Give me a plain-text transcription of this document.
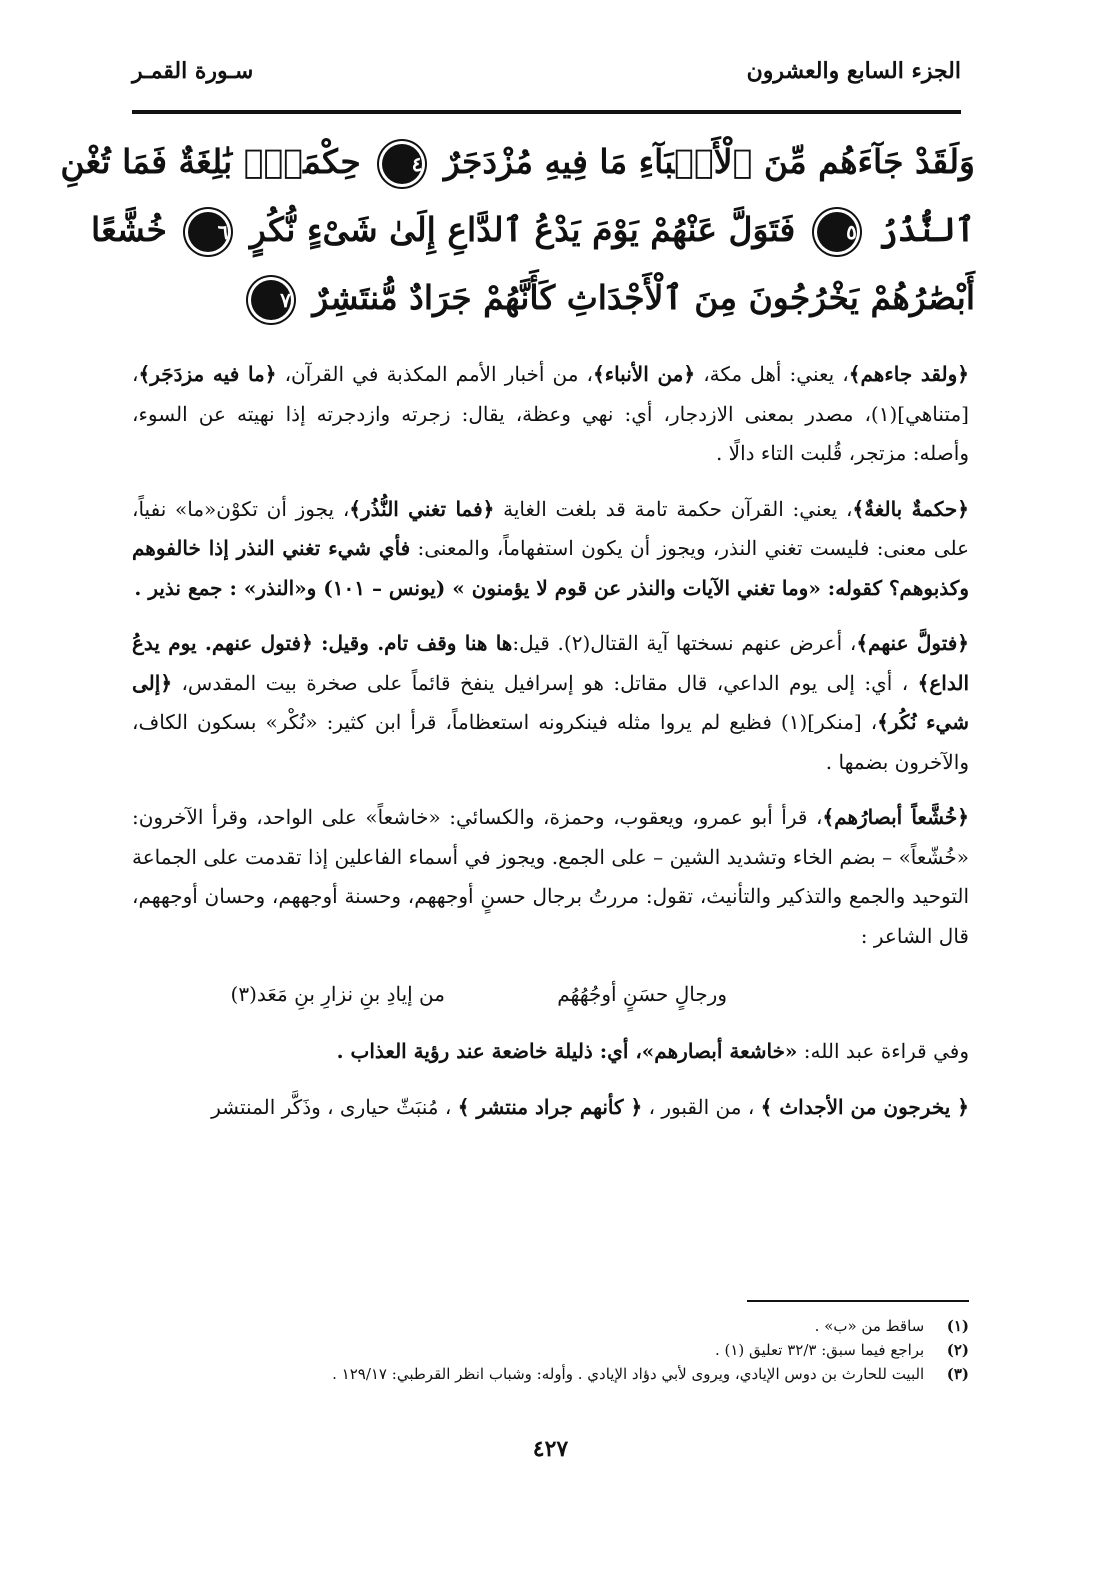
الجزء السابع والعشرون
سـورة القمـر
وَلَقَدْ جَآءَهُم مِّنَ ٱلْأَنۢبَآءِ مَا فِيهِ مُزْدَجَرٌ ٤ حِكْمَةٌۢ بَٰلِغَةٌ فَمَا تُغْنِ
ٱلنُّذُرُ ٥ فَتَوَلَّ عَنْهُمْ يَوْمَ يَدْعُ ٱلدَّاعِ إِلَىٰ شَىْءٍ نُّكُرٍ ٦ خُشَّعًا
أَبْصَٰرُهُمْ يَخْرُجُونَ مِنَ ٱلْأَجْدَاثِ كَأَنَّهُمْ جَرَادٌ مُّنتَشِرٌ ٧

﴿ولقد جاءهم﴾، يعني: أهل مكة، ﴿من الأنباء﴾، من أخبار الأمم المكذبة في القرآن، ﴿ما فيه مزدَجَر﴾، [متناهي](١)، مصدر بمعنى الازدجار، أي: نهي وعظة، يقال: زجرته وازدجرته إذا نهيته عن السوء، وأصله: مزتجر، قُلبت التاء دالًا .

﴿حكمةٌ بالغةٌ﴾، يعني: القرآن حكمة تامة قد بلغت الغاية ﴿فما تغني النُّذُر﴾، يجوز أن تكوْن«ما» نفياً، على معنى: فليست تغني النذر، ويجوز أن يكون استفهاماً، والمعنى: فأي شيء تغني النذر إذا خالفوهم وكذبوهم؟ كقوله: «وما تغني الآيات والنذر عن قوم لا يؤمنون » (يونس – ١٠١) و«النذر» : جمع نذير .

﴿فتولَّ عنهم﴾، أعرض عنهم نسختها آية القتال(٢). قيل:ها هنا وقف تام. وقيل: ﴿فتول عنهم. يوم يدعُ الداع﴾ ، أي: إلى يوم الداعي، قال مقاتل: هو إسرافيل ينفخ قائماً على صخرة بيت المقدس، ﴿إلى شيء نُكُر﴾، [منكر](١) فظيع لم يروا مثله فينكرونه استعظاماً، قرأ ابن كثير: «نُكْر» بسكون الكاف، والآخرون بضمها .

﴿خُشَّعاً أبصارُهم﴾، قرأ أبو عمرو، ويعقوب، وحمزة، والكسائي: «خاشعاً» على الواحد، وقرأ الآخرون: «خُشّعاً» – بضم الخاء وتشديد الشين – على الجمع. ويجوز في أسماء الفاعلين إذا تقدمت على الجماعة التوحيد والجمع والتذكير والتأنيث، تقول: مررتُ برجال حسنٍ أوجههم، وحسنة أوجههم، وحسان أوجههم، قال الشاعر :

ورجالٍ حسَنٍ أوجُهُهُم
من إيادِ بنِ نزارِ بنِ مَعَد(٣)

وفي قراءة عبد الله: «خاشعة أبصارهم»، أي: ذليلة خاضعة عند رؤية العذاب .

﴿ يخرجون من الأجداث ﴾ ، من القبور ، ﴿ كأنهم جراد منتشر ﴾ ، مُنبَثّ حيارى ، وذَكَّر المنتشر

(١) ساقط من «ب» .
(٢) براجع فيما سبق: ٣٢/٣ تعليق (١) .
(٣) البيت للحارث بن دوس الإيادي، ويروى لأبي دؤاد الإيادي . وأوله: وشباب انظر القرطبي: ١٢٩/١٧ .
٤٢٧
